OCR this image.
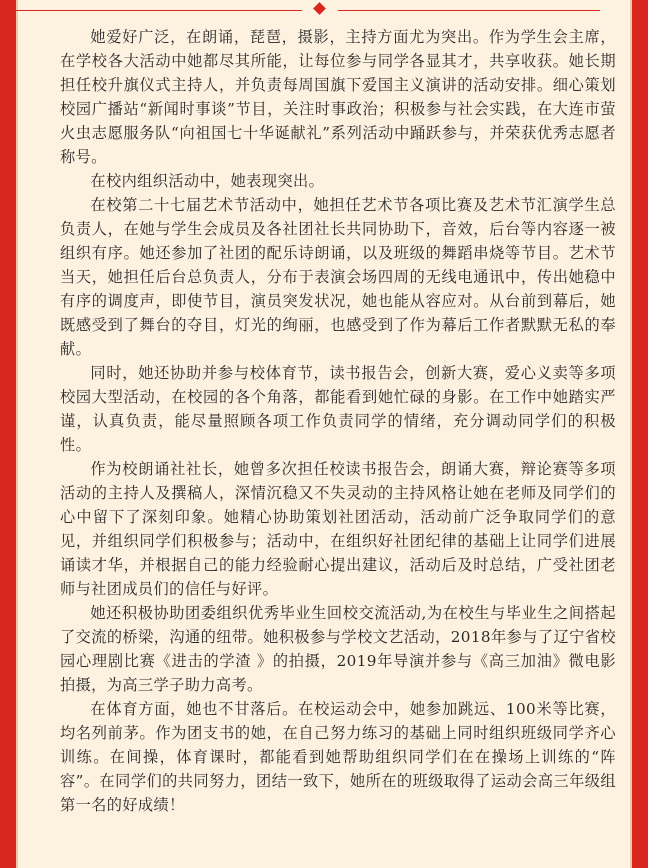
她爱好广泛，在朗诵，琵琶，摄影，主持方面尤为突出。作为学生会主席，在学校各大活动中她都尽其所能，让每位参与同学各显其才，共享收获。她长期担任校升旗仪式主持人，并负责每周国旗下爱国主义演讲的活动安排。细心策划校园广播站“新闻时事谈”节目，关注时事政治；积极参与社会实践，在大连市萤火虫志愿服务队“向祖国七十华诞献礼”系列活动中踊跃参与，并荣获优秀志愿者称号。

在校内组织活动中，她表现突出。

在校第二十七届艺术节活动中，她担任艺术节各项比赛及艺术节汇演学生总负责人，在她与学生会成员及各社团社长共同协助下，音效，后台等内容逐一被组织有序。她还参加了社团的配乐诗朗诵，以及班级的舞蹈串烧等节目。艺术节当天，她担任后台总负责人，分布于表演会场四周的无线电通讯中，传出她稳中有序的调度声，即使节目，演员突发状况，她也能从容应对。从台前到幕后，她既感受到了舞台的夺目，灯光的绚丽，也感受到了作为幕后工作者默默无私的奉献。

同时，她还协助并参与校体育节，读书报告会，创新大赛，爱心义卖等多项校园大型活动，在校园的各个角落，都能看到她忙碌的身影。在工作中她踏实严谨，认真负责，能尽量照顾各项工作负责同学的情绪，充分调动同学们的积极性。

作为校朗诵社社长，她曾多次担任校读书报告会，朗诵大赛，辩论赛等多项活动的主持人及撰稿人，深情沉稳又不失灵动的主持风格让她在老师及同学们的心中留下了深刻印象。她精心协助策划社团活动，活动前广泛争取同学们的意见，并组织同学们积极参与；活动中，在组织好社团纪律的基础上让同学们进展诵读才华，并根据自己的能力经验耐心提出建议，活动后及时总结，广受社团老师与社团成员们的信任与好评。

她还积极协助团委组织优秀毕业生回校交流活动,为在校生与毕业生之间搭起了交流的桥梁，沟通的纽带。她积极参与学校文艺活动，2018年参与了辽宁省校园心理剧比赛《进击的学渣 》的拍摄，2019年导演并参与《高三加油》微电影拍摄，为高三学子助力高考。

在体育方面，她也不甘落后。在校运动会中，她参加跳远、100米等比赛，均名列前茅。作为团支书的她，在自己努力练习的基础上同时组织班级同学齐心训练。在间操，体育课时，都能看到她帮助组织同学们在在操场上训练的“阵容”。在同学们的共同努力，团结一致下，她所在的班级取得了运动会高三年级组第一名的好成绩！
